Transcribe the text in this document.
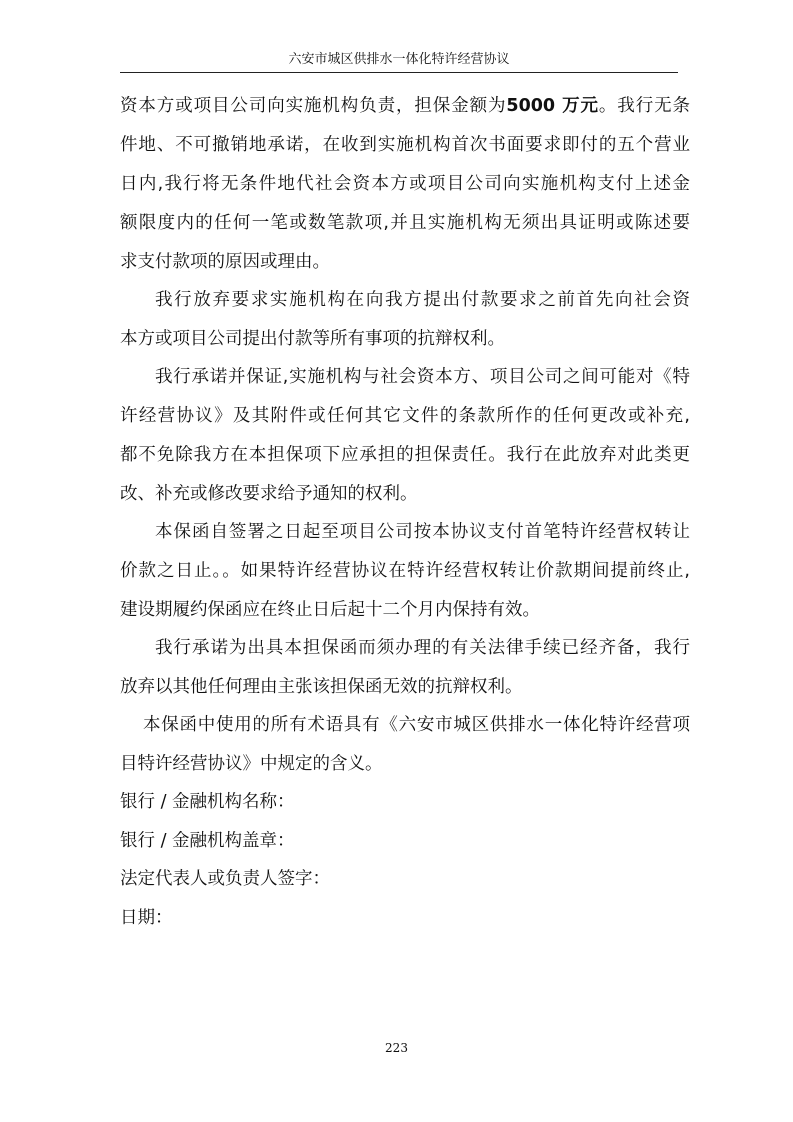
六安市城区供排水一体化特许经营协议
资本方或项目公司向实施机构负责，担保金额为5000 万元。我行无条
件地、不可撤销地承诺，在收到实施机构首次书面要求即付的五个营业
日内,我行将无条件地代社会资本方或项目公司向实施机构支付上述金
额限度内的任何一笔或数笔款项,并且实施机构无须出具证明或陈述要
求支付款项的原因或理由。
我行放弃要求实施机构在向我方提出付款要求之前首先向社会资
本方或项目公司提出付款等所有事项的抗辩权利。
我行承诺并保证,实施机构与社会资本方、项目公司之间可能对《特
许经营协议》及其附件或任何其它文件的条款所作的任何更改或补充,
都不免除我方在本担保项下应承担的担保责任。我行在此放弃对此类更
改、补充或修改要求给予通知的权利。
本保函自签署之日起至项目公司按本协议支付首笔特许经营权转让
价款之日止。。如果特许经营协议在特许经营权转让价款期间提前终止,
建设期履约保函应在终止日后起十二个月内保持有效。
我行承诺为出具本担保函而须办理的有关法律手续已经齐备，我行
放弃以其他任何理由主张该担保函无效的抗辩权利。
本保函中使用的所有术语具有《六安市城区供排水一体化特许经营项
目特许经营协议》中规定的含义。
银行 / 金融机构名称：
银行 / 金融机构盖章：
法定代表人或负责人签字：
日期：
223
